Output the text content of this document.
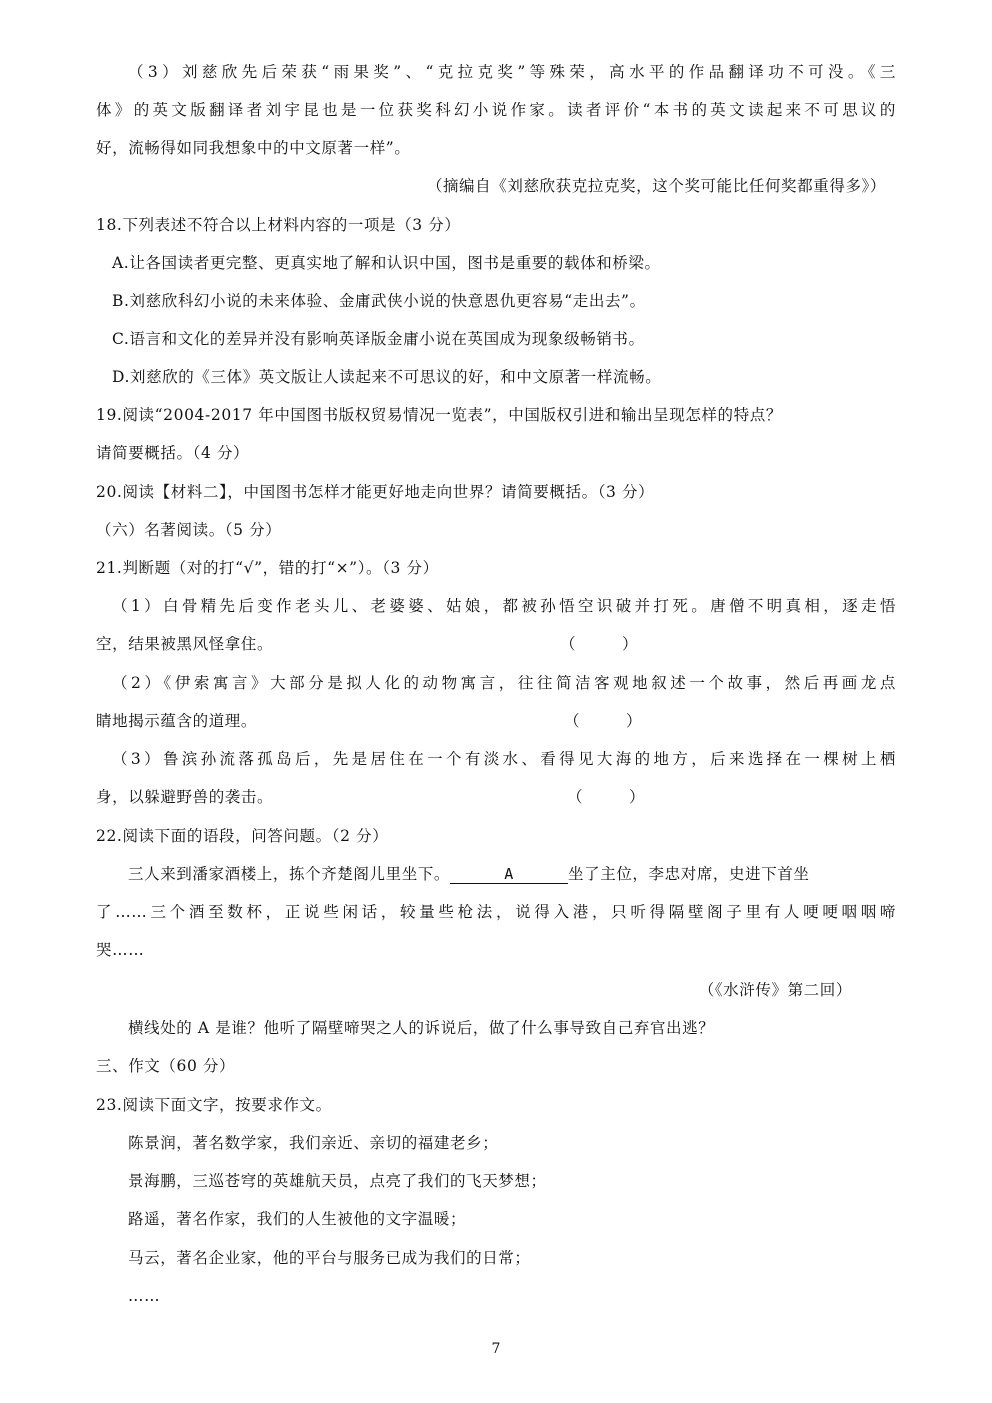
（3）刘慈欣先后荣获“雨果奖”、“克拉克奖”等殊荣，高水平的作品翻译功不可没。《三
体》的英文版翻译者刘宇昆也是一位获奖科幻小说作家。读者评价“本书的英文读起来不可思议的
好，流畅得如同我想象中的中文原著一样”。
（摘编自《刘慈欣获克拉克奖，这个奖可能比任何奖都重得多》）
18.下列表述不符合以上材料内容的一项是（3 分）
A.让各国读者更完整、更真实地了解和认识中国，图书是重要的载体和桥梁。
B.刘慈欣科幻小说的未来体验、金庸武侠小说的快意恩仇更容易“走出去”。
C.语言和文化的差异并没有影响英译版金庸小说在英国成为现象级畅销书。
D.刘慈欣的《三体》英文版让人读起来不可思议的好，和中文原著一样流畅。
19.阅读“2004-2017 年中国图书版权贸易情况一览表”，中国版权引进和输出呈现怎样的特点？
请简要概括。（4 分）
20.阅读【材料二】，中国图书怎样才能更好地走向世界？请简要概括。（3 分）
（六）名著阅读。（5 分）
21.判断题（对的打“√”，错的打“×”）。（3 分）
（1）白骨精先后变作老头儿、老婆婆、姑娘，都被孙悟空识破并打死。唐僧不明真相，逐走悟
空，结果被黑风怪拿住。	（　　　）
（2）《伊索寓言》大部分是拟人化的动物寓言，往往简洁客观地叙述一个故事，然后再画龙点
睛地揭示蕴含的道理。	（　　　）
（3）鲁滨孙流落孤岛后，先是居住在一个有淡水、看得见大海的地方，后来选择在一棵树上栖
身，以躲避野兽的袭击。	（　　　）
22.阅读下面的语段，问答问题。（2 分）
三人来到潘家酒楼上，拣个齐楚阁儿里坐下。	A	坐了主位，李忠对席，史进下首坐
了……三个酒至数杯，正说些闲话，较量些枪法，说得入港，只听得隔壁阁子里有人哽哽咽咽啼
哭……
（《水浒传》第二回）
横线处的 A 是谁？他听了隔壁啼哭之人的诉说后，做了什么事导致自己弃官出逃？
三、作文（60 分）
23.阅读下面文字，按要求作文。
陈景润，著名数学家，我们亲近、亲切的福建老乡；
景海鹏，三巡苍穹的英雄航天员，点亮了我们的飞天梦想；
路遥，著名作家，我们的人生被他的文字温暖；
马云，著名企业家，他的平台与服务已成为我们的日常；
……
7
